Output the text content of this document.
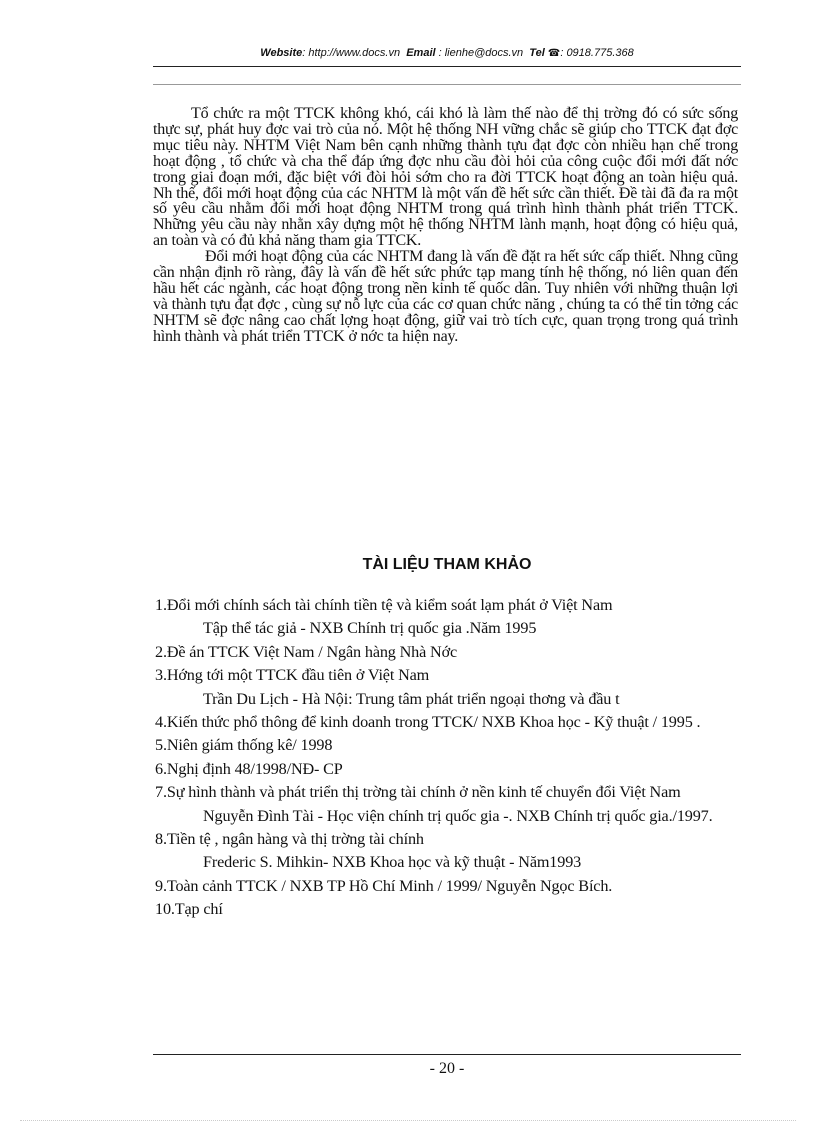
Website: http://www.docs.vn Email : lienhe@docs.vn Tel ☎: 0918.775.368

Tổ chức ra một TTCK không khó, cái khó là làm thế nào để thị trờng đó có sức sống thực sự, phát huy đợc vai trò của nó. Một hệ thống NH vững chắc sẽ giúp cho TTCK đạt đợc mục tiêu này. NHTM Việt Nam bên cạnh những thành tựu đạt đợc còn nhiều hạn chế trong hoạt động , tổ chức và cha thể đáp ứng đợc nhu cầu đòi hỏi của công cuộc đổi mới đất nớc trong giai đoạn mới, đặc biệt với đòi hỏi sớm cho ra đời TTCK hoạt động an toàn hiệu quả. Nh thế, đổi mới hoạt động của các NHTM là một vấn đề hết sức cần thiết. Đề tài đã đa ra một số yêu cầu nhằm đổi mới hoạt động NHTM trong quá trình hình thành phát triển TTCK. Những yêu cầu này nhằn xây dựng một hệ thống NHTM lành mạnh, hoạt động có hiệu quả, an toàn và có đủ khả năng tham gia TTCK.

Đổi mới hoạt động của các NHTM đang là vấn đề đặt ra hết sức cấp thiết. Nhng cũng cần nhận định rõ ràng, đây là vấn đề hết sức phức tạp mang tính hệ thống, nó liên quan đến hầu hết các ngành, các hoạt động trong nền kinh tế quốc dân. Tuy nhiên với những thuận lợi và thành tựu đạt đợc , cùng sự nỗ lực của các cơ quan chức năng , chúng ta có thể tin tởng các NHTM sẽ đợc nâng cao chất lợng hoạt động, giữ vai trò tích cực, quan trọng trong quá trình hình thành và phát triển TTCK ở nớc ta hiện nay.

TÀI LIỆU THAM KHẢO

1.Đổi mới chính sách tài chính tiền tệ và kiểm soát lạm phát ở Việt Nam

Tập thể tác giả - NXB Chính trị quốc gia .Năm 1995

2.Đề án TTCK Việt Nam / Ngân hàng Nhà Nớc

3.Hớng tới một TTCK đầu tiên ở Việt Nam

Trần Du Lịch - Hà Nội: Trung tâm phát triển ngoại thơng và đầu t

4.Kiến thức phổ thông để kinh doanh trong TTCK/ NXB Khoa học - Kỹ thuật / 1995 .

5.Niên giám thống kê/ 1998

6.Nghị định 48/1998/NĐ- CP

7.Sự hình thành và phát triển thị trờng tài chính ở nền kinh tế chuyển đổi Việt Nam

Nguyễn Đình Tài - Học viện chính trị quốc gia -. NXB Chính trị quốc gia./1997.

8.Tiền tệ , ngân hàng và thị trờng tài chính

Frederic S. Mihkin- NXB Khoa học và kỹ thuật - Năm1993

9.Toàn cảnh TTCK / NXB TP Hồ Chí Minh / 1999/ Nguyễn Ngọc Bích.

10.Tạp chí

- 20 -
